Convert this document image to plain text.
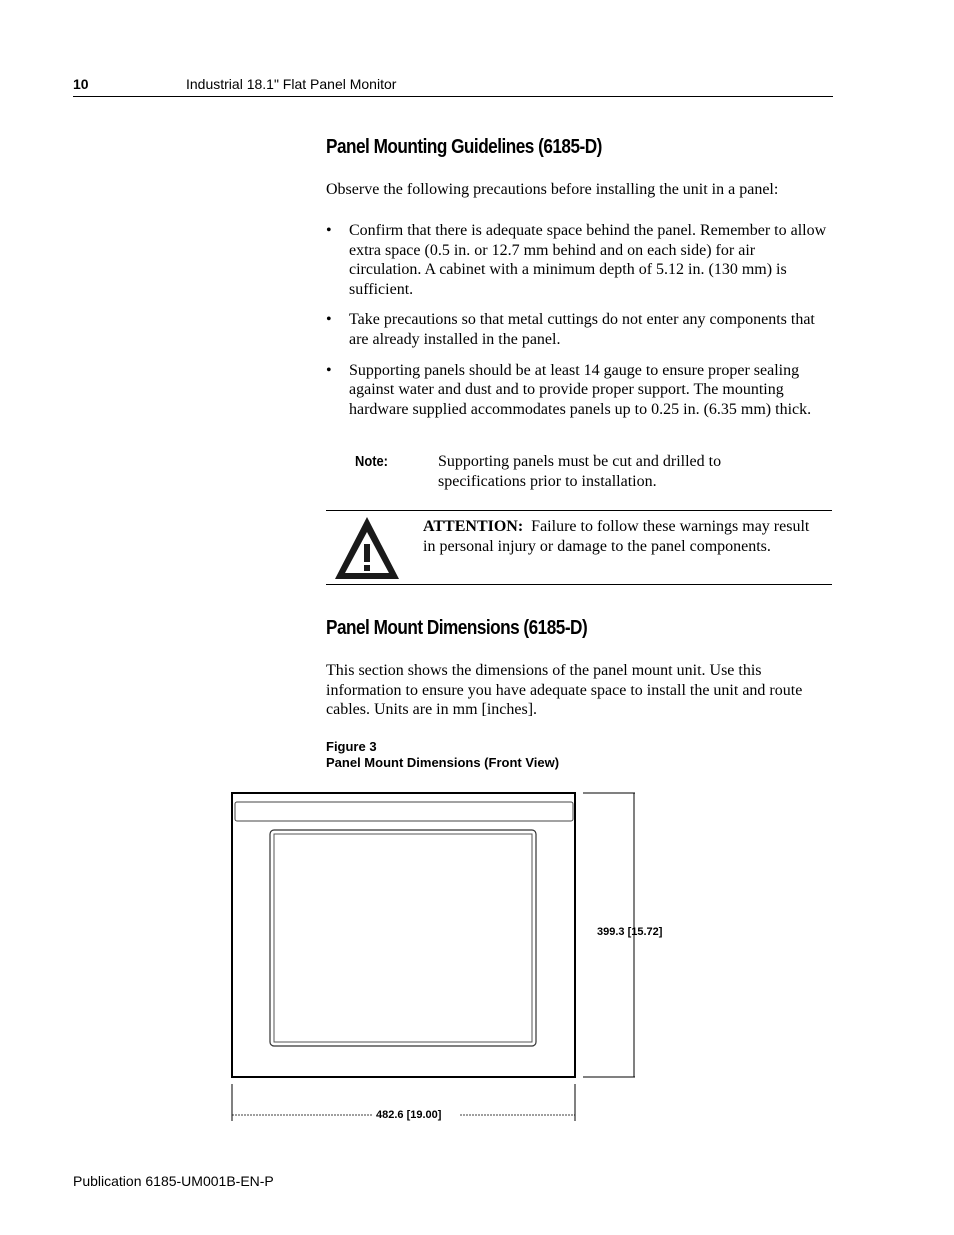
10	Industrial 18.1" Flat Panel Monitor
Panel Mounting Guidelines (6185-D)
Observe the following precautions before installing the unit in a panel:
• Confirm that there is adequate space behind the panel. Remember to allow extra space (0.5 in. or 12.7 mm behind and on each side) for air circulation. A cabinet with a minimum depth of 5.12 in. (130 mm) is sufficient.
• Take precautions so that metal cuttings do not enter any components that are already installed in the panel.
• Supporting panels should be at least 14 gauge to ensure proper sealing against water and dust and to provide proper support. The mounting hardware supplied accommodates panels up to 0.25 in. (6.35 mm) thick.
Note:	Supporting panels must be cut and drilled to specifications prior to installation.
ATTENTION: Failure to follow these warnings may result in personal injury or damage to the panel components.
Panel Mount Dimensions (6185-D)
This section shows the dimensions of the panel mount unit. Use this information to ensure you have adequate space to install the unit and route cables. Units are in mm [inches].
Figure 3
Panel Mount Dimensions (Front View)
399.3 [15.72]
482.6 [19.00]
Publication 6185-UM001B-EN-P
